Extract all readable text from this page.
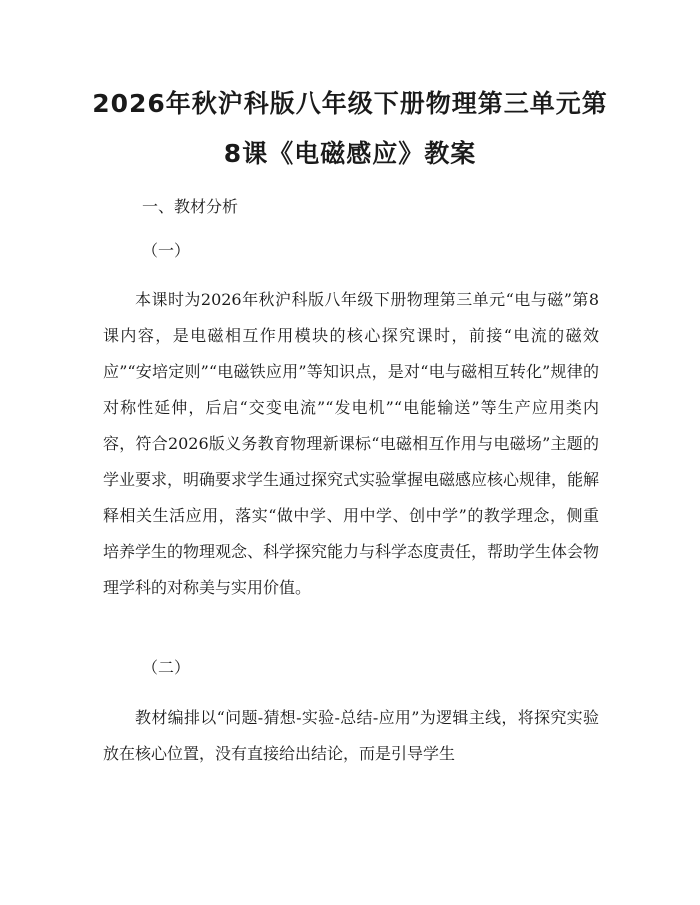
2026年秋沪科版八年级下册物理第三单元第
8课《电磁感应》教案

一、教材分析

（一）

本课时为2026年秋沪科版八年级下册物理第三单元“电与磁”第8课内容，是电磁相互作用模块的核心探究课时，前接“电流的磁效应”“安培定则”“电磁铁应用”等知识点，是对“电与磁相互转化”规律的对称性延伸，后启“交变电流”“发电机”“电能输送”等生产应用类内容，符合2026版义务教育物理新课标“电磁相互作用与电磁场”主题的学业要求，明确要求学生通过探究式实验掌握电磁感应核心规律，能解释相关生活应用，落实“做中学、用中学、创中学”的教学理念，侧重培养学生的物理观念、科学探究能力与科学态度责任，帮助学生体会物理学科的对称美与实用价值。

（二）

教材编排以“问题-猜想-实验-总结-应用”为逻辑主线，将探究实验放在核心位置，没有直接给出结论，而是引导学生
